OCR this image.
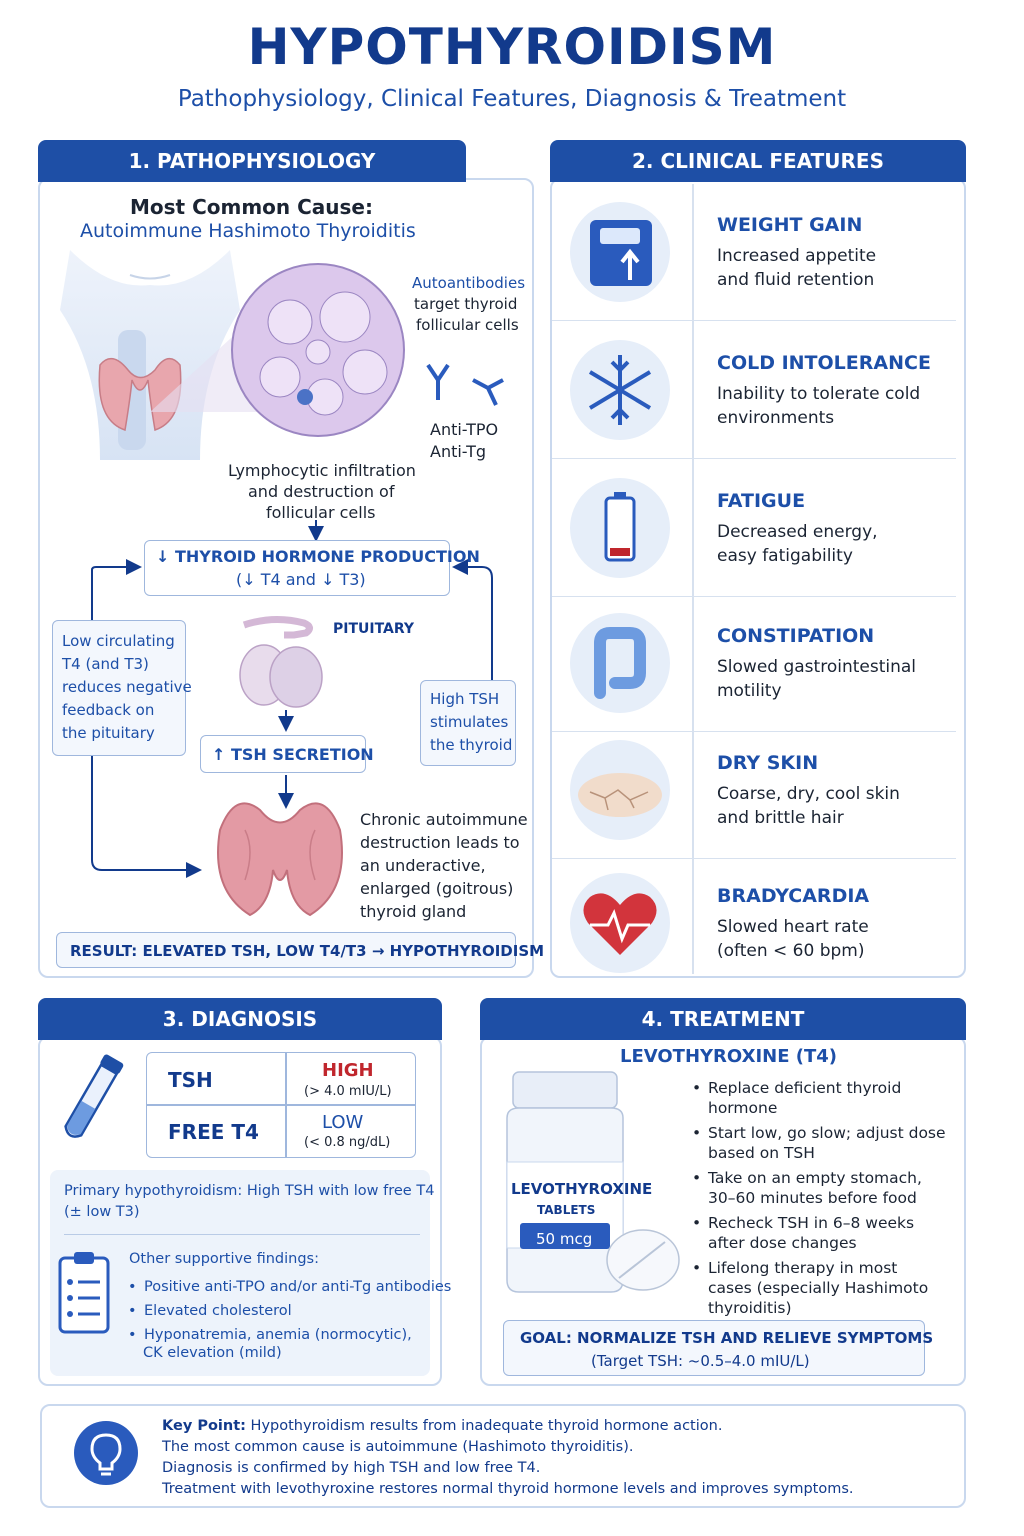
HYPOTHYROIDISM
Pathophysiology, Clinical Features, Diagnosis & Treatment
1. PATHOPHYSIOLOGY
Most Common Cause:
Autoimmune Hashimoto Thyroiditis
Autoantibodies
target thyroid
follicular cells
Anti-TPO
Anti-Tg
Lymphocytic infiltration
and destruction of
follicular cells
↓ THYROID HORMONE PRODUCTION
(↓ T4 and ↓ T3)
Low circulating
T4 (and T3)
reduces negative
feedback on
the pituitary
PITUITARY
↑ TSH SECRETION
High TSH
stimulates
the thyroid
Chronic autoimmune
destruction leads to
an underactive,
enlarged (goitrous)
thyroid gland
RESULT: ELEVATED TSH, LOW T4/T3 → HYPOTHYROIDISM
2. CLINICAL FEATURES
WEIGHT GAIN
Increased appetite
and fluid retention
COLD INTOLERANCE
Inability to tolerate cold
environments
FATIGUE
Decreased energy,
easy fatigability
CONSTIPATION
Slowed gastrointestinal
motility
DRY SKIN
Coarse, dry, cool skin
and brittle hair
BRADYCARDIA
Slowed heart rate
(often < 60 bpm)
3. DIAGNOSIS
TSH	HIGH
(> 4.0 mIU/L)
FREE T4	LOW
(< 0.8 ng/dL)
Primary hypothyroidism: High TSH with low free T4
(± low T3)
Other supportive findings:
• Positive anti-TPO and/or anti-Tg antibodies
• Elevated cholesterol
• Hyponatremia, anemia (normocytic),
CK elevation (mild)
4. TREATMENT
LEVOTHYROXINE (T4)
LEVOTHYROXINE
TABLETS
50 mcg
• Replace deficient thyroid hormone
• Start low, go slow; adjust dose
based on TSH
• Take on an empty stomach,
30–60 minutes before food
• Recheck TSH in 6–8 weeks
after dose changes
• Lifelong therapy in most
cases (especially Hashimoto
thyroiditis)
GOAL: NORMALIZE TSH AND RELIEVE SYMPTOMS
(Target TSH: ~0.5–4.0 mIU/L)
Key Point: Hypothyroidism results from inadequate thyroid hormone action.
The most common cause is autoimmune (Hashimoto thyroiditis).
Diagnosis is confirmed by high TSH and low free T4.
Treatment with levothyroxine restores normal thyroid hormone levels and improves symptoms.
